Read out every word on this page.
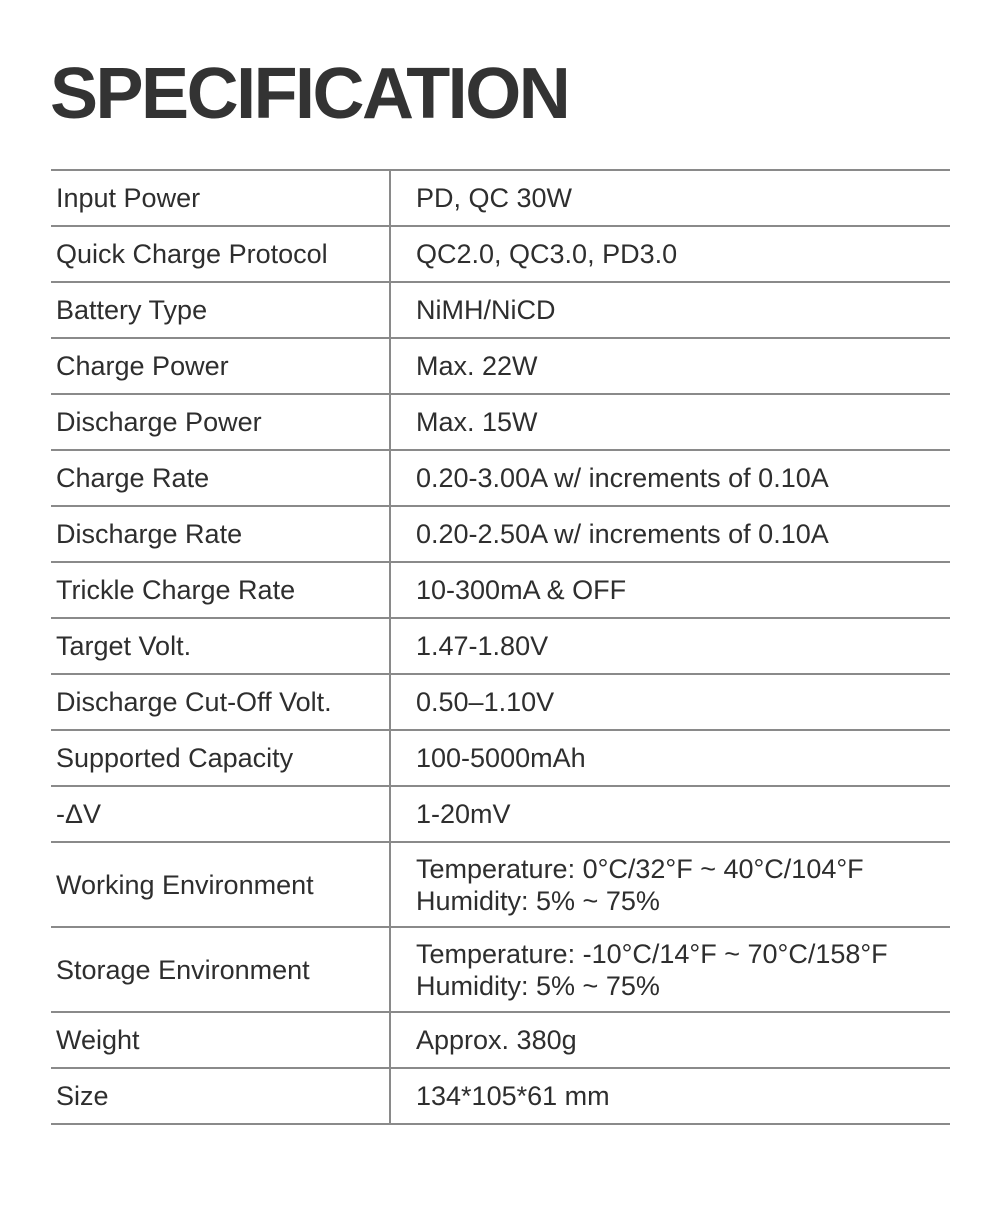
SPECIFICATION
Input Power	PD, QC 30W
Quick Charge Protocol	QC2.0, QC3.0, PD3.0
Battery Type	NiMH/NiCD
Charge Power	Max. 22W
Discharge Power	Max. 15W
Charge Rate	0.20-3.00A w/ increments of 0.10A
Discharge Rate	0.20-2.50A w/ increments of 0.10A
Trickle Charge Rate	10-300mA & OFF
Target Volt.	1.47-1.80V
Discharge Cut-Off Volt.	0.50–1.10V
Supported Capacity	100-5000mAh
-ΔV	1-20mV
Working Environment	Temperature: 0°C/32°F ~ 40°C/104°F
Humidity: 5% ~ 75%

Storage Environment	Temperature: -10°C/14°F ~ 70°C/158°F
Humidity: 5% ~ 75%

Weight	Approx. 380g
Size	134*105*61 mm
